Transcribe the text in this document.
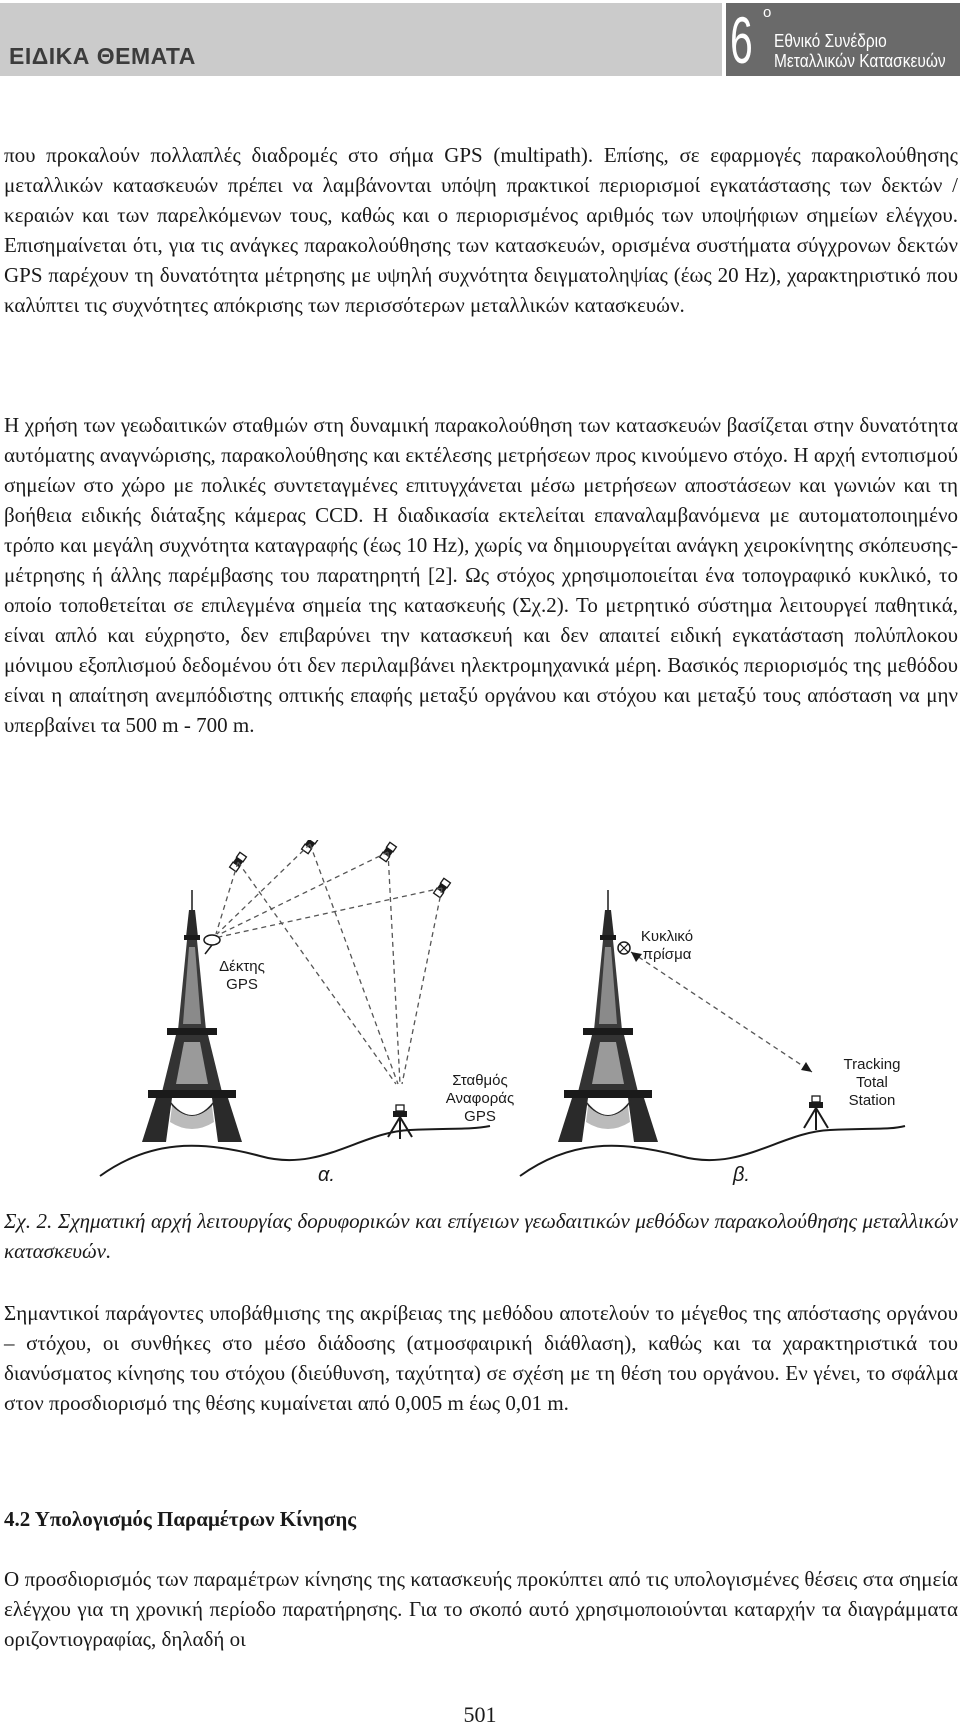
ΕΙΔΙΚΑ ΘΕΜΑΤΑ	6 ο
Εθνικό Συνέδριο
Μεταλλικών Κατασκευών

που προκαλούν πολλαπλές διαδρομές στο σήμα GPS (multipath). Επίσης, σε εφαρμογές παρακολούθησης μεταλλικών κατασκευών πρέπει να λαμβάνονται υπόψη πρακτικοί περιορισμοί εγκατάστασης των δεκτών / κεραιών και των παρελκόμενων τους, καθώς και ο περιορισμένος αριθμός των υποψήφιων σημείων ελέγχου. Επισημαίνεται ότι, για τις ανάγκες παρακολούθησης των κατασκευών, ορισμένα συστήματα σύγχρονων δεκτών GPS παρέχουν τη δυνατότητα μέτρησης με υψηλή συχνότητα δειγματοληψίας (έως 20 Hz), χαρακτηριστικό που καλύπτει τις συχνότητες απόκρισης των περισσότερων μεταλλικών κατασκευών.

Η χρήση των γεωδαιτικών σταθμών στη δυναμική παρακολούθηση των κατασκευών βασίζεται στην δυνατότητα αυτόματης αναγνώρισης, παρακολούθησης και εκτέλεσης μετρήσεων προς κινούμενο στόχο. Η αρχή εντοπισμού σημείων στο χώρο με πολικές συντεταγμένες επιτυγχάνεται μέσω μετρήσεων αποστάσεων και γωνιών και τη βοήθεια ειδικής διάταξης κάμερας CCD. Η διαδικασία εκτελείται επαναλαμβανόμενα με αυτοματοποιημένο τρόπο και μεγάλη συχνότητα καταγραφής (έως 10 Hz), χωρίς να δημιουργείται ανάγκη χειροκίνητης σκόπευσης-μέτρησης ή άλλης παρέμβασης του παρατηρητή [2]. Ως στόχος χρησιμοποιείται ένα τοπογραφικό κυκλικό, το οποίο τοποθετείται σε επιλεγμένα σημεία της κατασκευής (Σχ.2). Το μετρητικό σύστημα λειτουργεί παθητικά, είναι απλό και εύχρηστο, δεν επιβαρύνει την κατασκευή και δεν απαιτεί ειδική εγκατάσταση πολύπλοκου μόνιμου εξοπλισμού δεδομένου ότι δεν περιλαμβάνει ηλεκτρομηχανικά μέρη. Βασικός περιορισμός της μεθόδου είναι η απαίτηση ανεμπόδιστης οπτικής επαφής μεταξύ οργάνου και στόχου και μεταξύ τους απόσταση να μην υπερβαίνει τα 500 m - 700 m.

Δέκτης GPS
Σταθμός Αναφοράς GPS
Κυκλικό πρίσμα
Tracking Total Station
α.	β.

Σχ. 2. Σχηματική αρχή λειτουργίας δορυφορικών και επίγειων γεωδαιτικών μεθόδων παρακολούθησης μεταλλικών κατασκευών.

Σημαντικοί παράγοντες υποβάθμισης της ακρίβειας της μεθόδου αποτελούν το μέγεθος της απόστασης οργάνου – στόχου, οι συνθήκες στο μέσο διάδοσης (ατμοσφαιρική διάθλαση), καθώς και τα χαρακτηριστικά του διανύσματος κίνησης του στόχου (διεύθυνση, ταχύτητα) σε σχέση με τη θέση του οργάνου. Εν γένει, το σφάλμα στον προσδιορισμό της θέσης κυμαίνεται από 0,005 m έως 0,01 m.

4.2 Υπολογισμός Παραμέτρων Κίνησης

Ο προσδιορισμός των παραμέτρων κίνησης της κατασκευής προκύπτει από τις υπολογισμένες θέσεις στα σημεία ελέγχου για τη χρονική περίοδο παρατήρησης. Για το σκοπό αυτό χρησιμοποιούνται καταρχήν τα διαγράμματα οριζοντιογραφίας, δηλαδή οι

501
